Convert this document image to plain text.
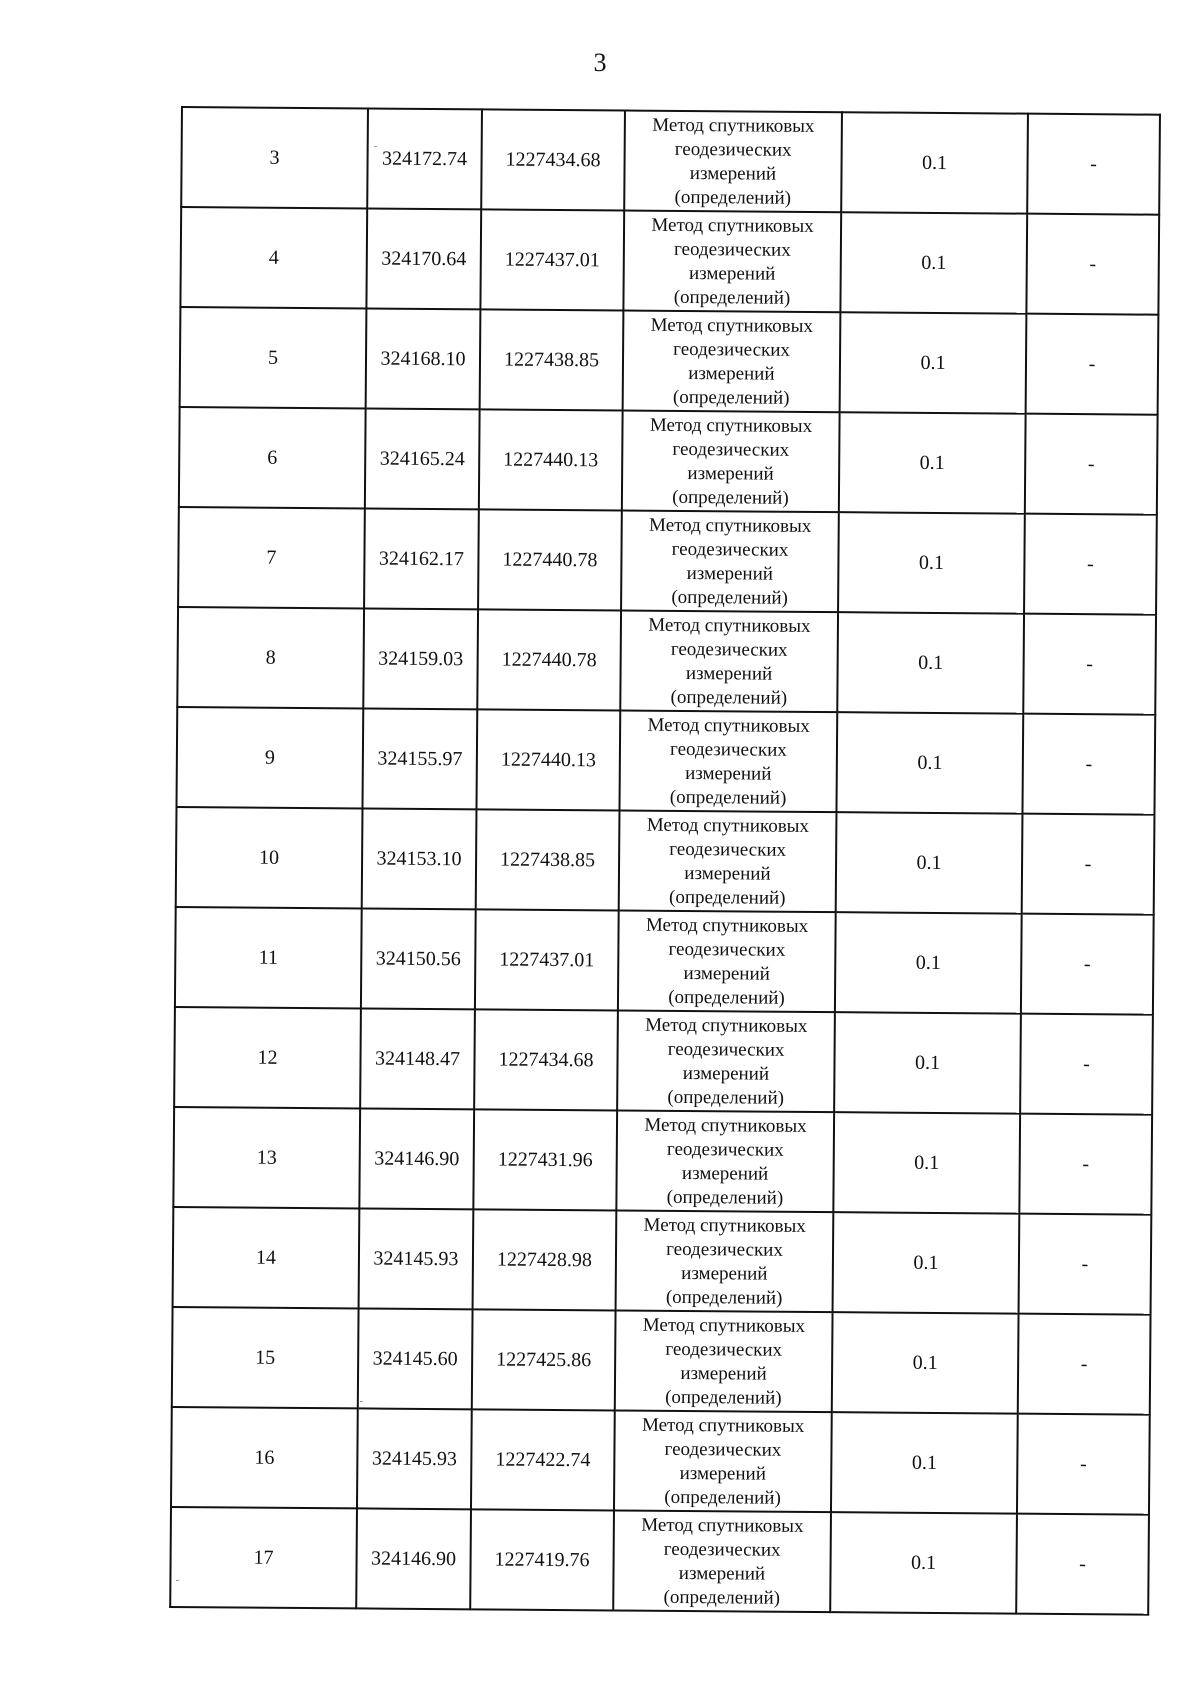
3
3	324172.74	1227434.68	Метод спутниковых
геодезических
измерений
(определений)	0.1	-
4	324170.64	1227437.01	Метод спутниковых
геодезических
измерений
(определений)	0.1	-
5	324168.10	1227438.85	Метод спутниковых
геодезических
измерений
(определений)	0.1	-
6	324165.24	1227440.13	Метод спутниковых
геодезических
измерений
(определений)	0.1	-
7	324162.17	1227440.78	Метод спутниковых
геодезических
измерений
(определений)	0.1	-
8	324159.03	1227440.78	Метод спутниковых
геодезических
измерений
(определений)	0.1	-
9	324155.97	1227440.13	Метод спутниковых
геодезических
измерений
(определений)	0.1	-
10	324153.10	1227438.85	Метод спутниковых
геодезических
измерений
(определений)	0.1	-
11	324150.56	1227437.01	Метод спутниковых
геодезических
измерений
(определений)	0.1	-
12	324148.47	1227434.68	Метод спутниковых
геодезических
измерений
(определений)	0.1	-
13	324146.90	1227431.96	Метод спутниковых
геодезических
измерений
(определений)	0.1	-
14	324145.93	1227428.98	Метод спутниковых
геодезических
измерений
(определений)	0.1	-
15	324145.60	1227425.86	Метод спутниковых
геодезических
измерений
(определений)	0.1	-
16	324145.93	1227422.74	Метод спутниковых
геодезических
измерений
(определений)	0.1	-
17	324146.90	1227419.76	Метод спутниковых
геодезических
измерений
(определений)	0.1	-
